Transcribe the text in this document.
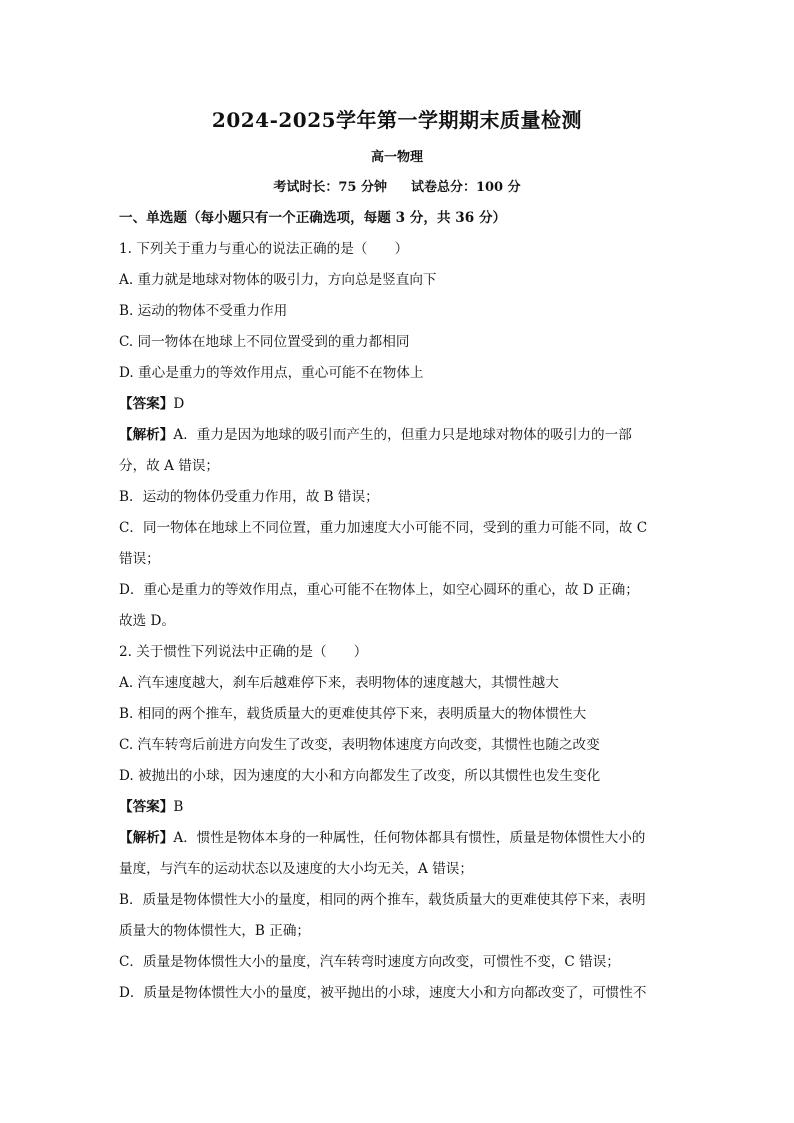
2024-2025学年第一学期期末质量检测
高一物理
考试时长：75 分钟 试卷总分：100 分
一、单选题（每小题只有一个正确选项，每题 3 分，共 36 分）
1. 下列关于重力与重心的说法正确的是（　　）
A. 重力就是地球对物体的吸引力，方向总是竖直向下
B. 运动的物体不受重力作用
C. 同一物体在地球上不同位置受到的重力都相同
D. 重心是重力的等效作用点，重心可能不在物体上
【答案】D
【解析】A．重力是因为地球的吸引而产生的，但重力只是地球对物体的吸引力的一部
分，故 A 错误；
B．运动的物体仍受重力作用，故 B 错误；
C．同一物体在地球上不同位置，重力加速度大小可能不同，受到的重力可能不同，故 C
错误；
D．重心是重力的等效作用点，重心可能不在物体上，如空心圆环的重心，故 D 正确；
故选 D。
2. 关于惯性下列说法中正确的是（　　）
A. 汽车速度越大，刹车后越难停下来，表明物体的速度越大，其惯性越大
B. 相同的两个推车，载货质量大的更难使其停下来，表明质量大的物体惯性大
C. 汽车转弯后前进方向发生了改变，表明物体速度方向改变，其惯性也随之改变
D. 被抛出的小球，因为速度的大小和方向都发生了改变，所以其惯性也发生变化
【答案】B
【解析】A．惯性是物体本身的一种属性，任何物体都具有惯性，质量是物体惯性大小的
量度，与汽车的运动状态以及速度的大小均无关，A 错误；
B．质量是物体惯性大小的量度，相同的两个推车，载货质量大的更难使其停下来，表明
质量大的物体惯性大，B 正确；
C．质量是物体惯性大小的量度，汽车转弯时速度方向改变，可惯性不变，C 错误；
D．质量是物体惯性大小的量度，被平抛出的小球，速度大小和方向都改变了，可惯性不
